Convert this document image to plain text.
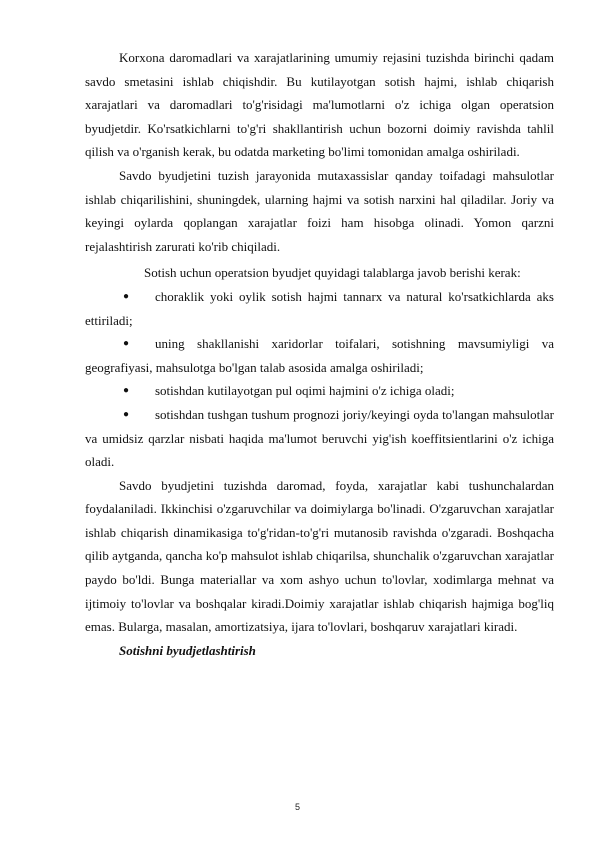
Korxona daromadlari va xarajatlarining umumiy rejasini tuzishda birinchi qadam savdo smetasini ishlab chiqishdir. Bu kutilayotgan sotish hajmi, ishlab chiqarish xarajatlari va daromadlari to'g'risidagi ma'lumotlarni o'z ichiga olgan operatsion byudjetdir. Ko'rsatkichlarni to'g'ri shakllantirish uchun bozorni doimiy ravishda tahlil qilish va o'rganish kerak, bu odatda marketing bo'limi tomonidan amalga oshiriladi.

Savdo byudjetini tuzish jarayonida mutaxassislar qanday toifadagi mahsulotlar ishlab chiqarilishini, shuningdek, ularning hajmi va sotish narxini hal qiladilar. Joriy va keyingi oylarda qoplangan xarajatlar foizi ham hisobga olinadi. Yomon qarzni rejalashtirish zarurati ko'rib chiqiladi.

Sotish uchun operatsion byudjet quyidagi talablarga javob berishi kerak:

● choraklik yoki oylik sotish hajmi tannarx va natural ko'rsatkichlarda aks ettiriladi;

● uning shakllanishi xaridorlar toifalari, sotishning mavsumiyligi va geografiyasi, mahsulotga bo'lgan talab asosida amalga oshiriladi;

● sotishdan kutilayotgan pul oqimi hajmini o'z ichiga oladi;

● sotishdan tushgan tushum prognozi joriy/keyingi oyda to'langan mahsulotlar va umidsiz qarzlar nisbati haqida ma'lumot beruvchi yig'ish koeffitsientlarini o'z ichiga oladi.

Savdo byudjetini tuzishda daromad, foyda, xarajatlar kabi tushunchalardan foydalaniladi. Ikkinchisi o'zgaruvchilar va doimiylarga bo'linadi. O'zgaruvchan xarajatlar ishlab chiqarish dinamikasiga to'g'ridan-to'g'ri mutanosib ravishda o'zgaradi. Boshqacha qilib aytganda, qancha ko'p mahsulot ishlab chiqarilsa, shunchalik o'zgaruvchan xarajatlar paydo bo'ldi. Bunga materiallar va xom ashyo uchun to'lovlar, xodimlarga mehnat va ijtimoiy to'lovlar va boshqalar kiradi.Doimiy xarajatlar ishlab chiqarish hajmiga bog'liq emas. Bularga, masalan, amortizatsiya, ijara to'lovlari, boshqaruv xarajatlari kiradi.

Sotishni byudjetlashtirish

5
